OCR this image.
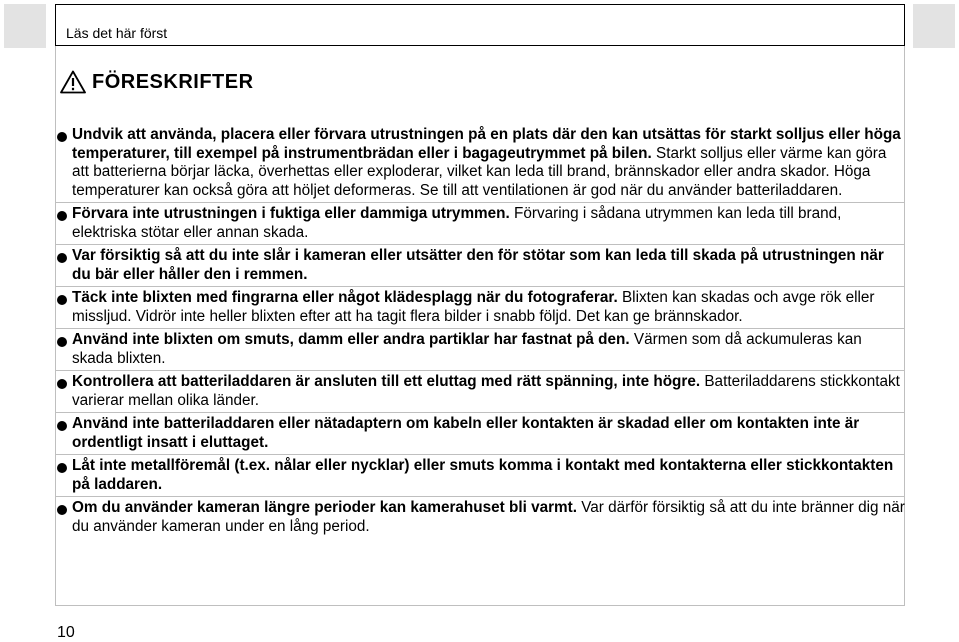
Läs det här först
FÖRESKRIFTER
Undvik att använda, placera eller förvara utrustningen på en plats där den kan utsättas för starkt solljus eller höga temperaturer, till exempel på instrumentbrädan eller i bagageutrymmet på bilen. Starkt solljus eller värme kan göra att batterierna börjar läcka, överhettas eller exploderar, vilket kan leda till brand, brännskador eller andra skador. Höga temperaturer kan också göra att höljet deformeras. Se till att ventilationen är god när du använder batteriladdaren.
Förvara inte utrustningen i fuktiga eller dammiga utrymmen. Förvaring i sådana utrymmen kan leda till brand, elektriska stötar eller annan skada.
Var försiktig så att du inte slår i kameran eller utsätter den för stötar som kan leda till skada på utrustningen när du bär eller håller den i remmen.
Täck inte blixten med fingrarna eller något klädesplagg när du fotograferar. Blixten kan skadas och avge rök eller missljud. Vidrör inte heller blixten efter att ha tagit flera bilder i snabb följd. Det kan ge brännskador.
Använd inte blixten om smuts, damm eller andra partiklar har fastnat på den. Värmen som då ackumuleras kan skada blixten.
Kontrollera att batteriladdaren är ansluten till ett eluttag med rätt spänning, inte högre. Batteriladdarens stickkontakt varierar mellan olika länder.
Använd inte batteriladdaren eller nätadaptern om kabeln eller kontakten är skadad eller om kontakten inte är ordentligt insatt i eluttaget.
Låt inte metallföremål (t.ex. nålar eller nycklar) eller smuts komma i kontakt med kontakterna eller stickkontakten på laddaren.
Om du använder kameran längre perioder kan kamerahuset bli varmt. Var därför försiktig så att du inte bränner dig när du använder kameran under en lång period.
10
